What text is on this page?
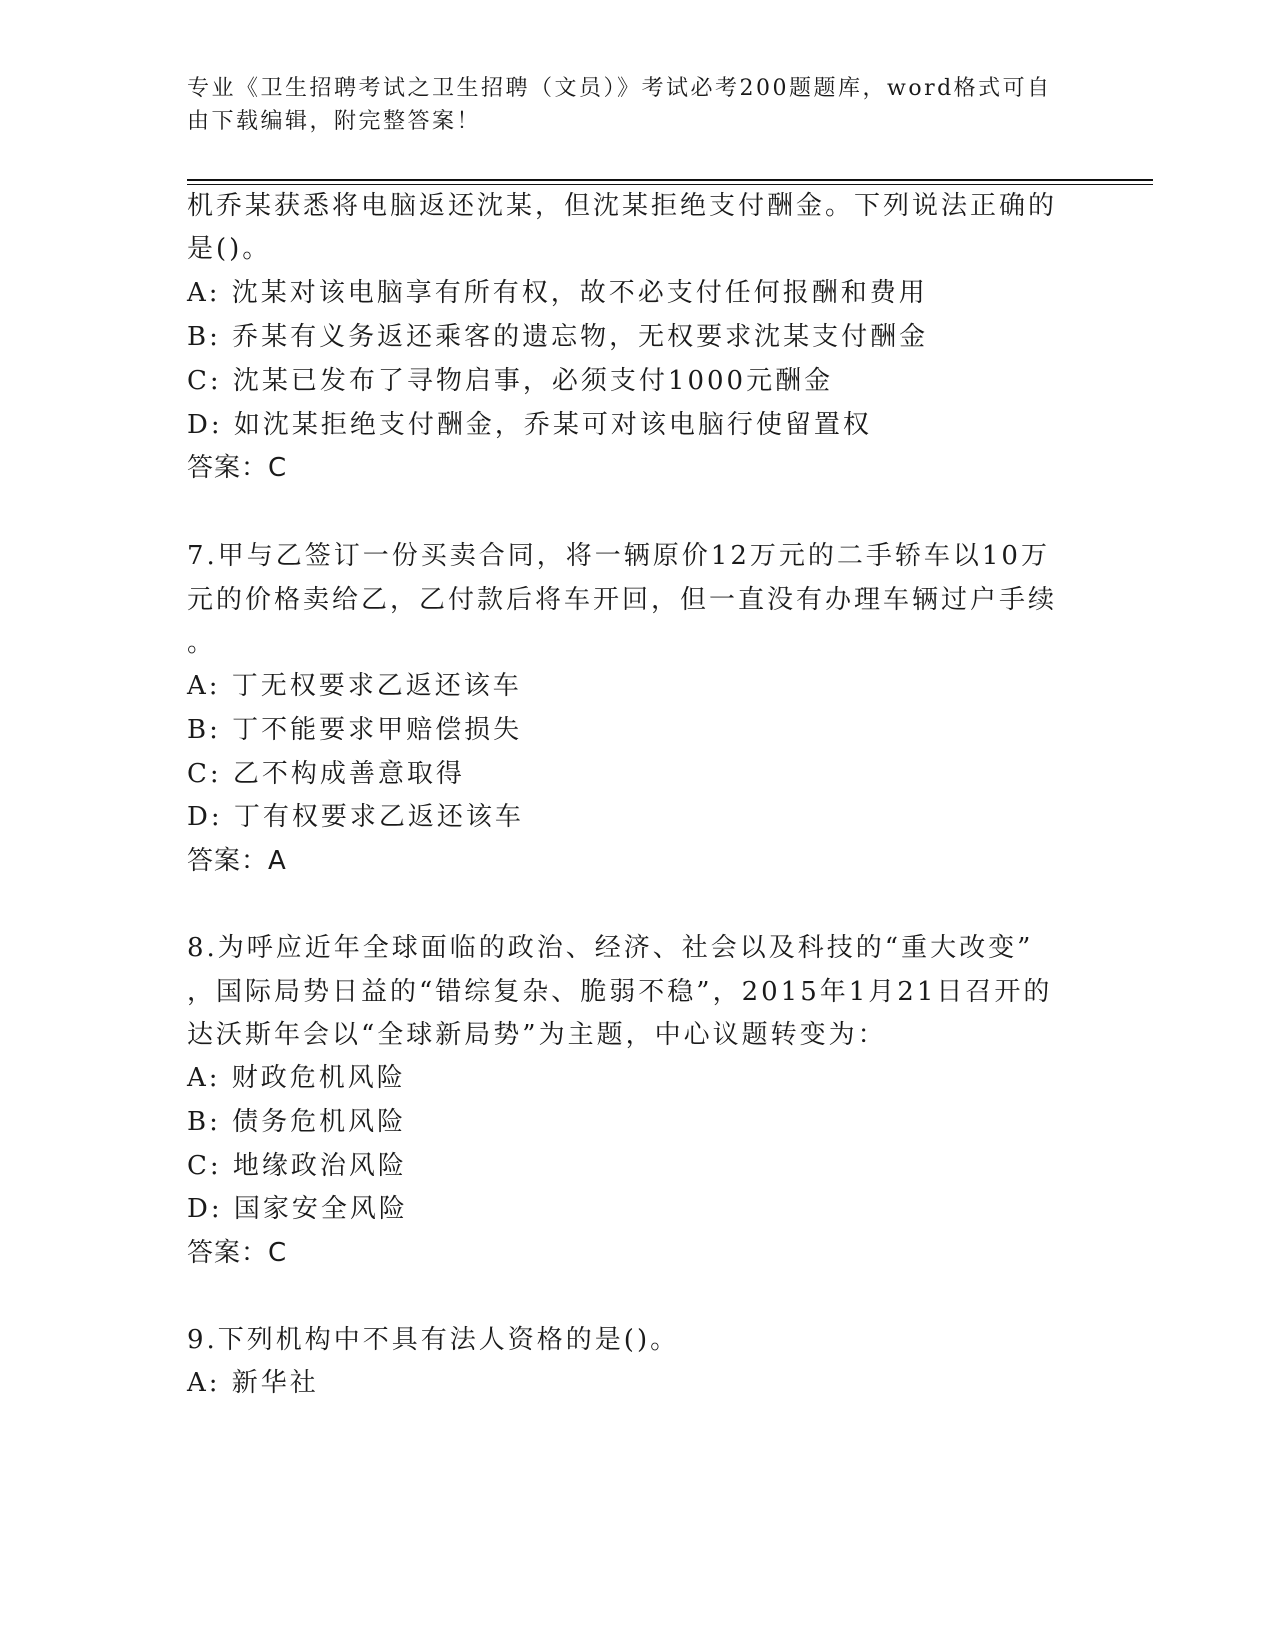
专业《卫生招聘考试之卫生招聘（文员）》考试必考200题题库，word格式可自
由下载编辑，附完整答案！
机乔某获悉将电脑返还沈某，但沈某拒绝支付酬金。下列说法正确的
是()。
A: 沈某对该电脑享有所有权，故不必支付任何报酬和费用
B: 乔某有义务返还乘客的遗忘物，无权要求沈某支付酬金
C: 沈某已发布了寻物启事，必须支付1000元酬金
D: 如沈某拒绝支付酬金，乔某可对该电脑行使留置权
答案：C
7.甲与乙签订一份买卖合同，将一辆原价12万元的二手轿车以10万
元的价格卖给乙，乙付款后将车开回，但一直没有办理车辆过户手续
。
A: 丁无权要求乙返还该车
B: 丁不能要求甲赔偿损失
C: 乙不构成善意取得
D: 丁有权要求乙返还该车
答案：A
8.为呼应近年全球面临的政治、经济、社会以及科技的“重大改变”
，国际局势日益的“错综复杂、脆弱不稳”，2015年1月21日召开的
达沃斯年会以“全球新局势”为主题，中心议题转变为：
A: 财政危机风险
B: 债务危机风险
C: 地缘政治风险
D: 国家安全风险
答案：C
9.下列机构中不具有法人资格的是()。
A: 新华社
